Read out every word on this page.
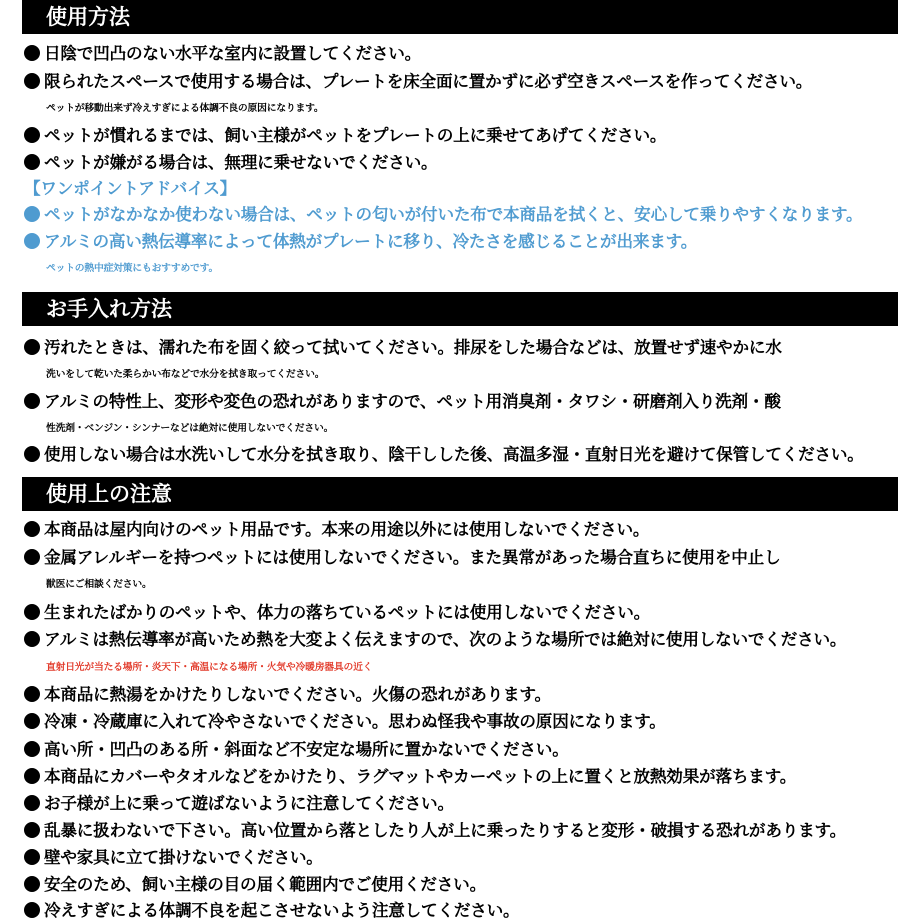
使用方法
日陰で凹凸のない水平な室内に設置してください。
限られたスペースで使用する場合は、プレートを床全面に置かずに必ず空きスペースを作ってください。
ペットが移動出来ず冷えすぎによる体調不良の原因になります。
ペットが慣れるまでは、飼い主様がペットをプレートの上に乗せてあげてください。
ペットが嫌がる場合は、無理に乗せないでください。
【ワンポイントアドバイス】
ペットがなかなか使わない場合は、ペットの匂いが付いた布で本商品を拭くと、安心して乗りやすくなります。
アルミの高い熱伝導率によって体熱がプレートに移り、冷たさを感じることが出来ます。
ペットの熱中症対策にもおすすめです。
お手入れ方法
汚れたときは、濡れた布を固く絞って拭いてください。排尿をした場合などは、放置せず速やかに水
洗いをして乾いた柔らかい布などで水分を拭き取ってください。
アルミの特性上、変形や変色の恐れがありますので、ペット用消臭剤・タワシ・研磨剤入り洗剤・酸
性洗剤・ベンジン・シンナーなどは絶対に使用しないでください。
使用しない場合は水洗いして水分を拭き取り、陰干しした後、高温多湿・直射日光を避けて保管してください。
使用上の注意
本商品は屋内向けのペット用品です。本来の用途以外には使用しないでください。
金属アレルギーを持つペットには使用しないでください。また異常があった場合直ちに使用を中止し
獣医にご相談ください。
生まれたばかりのペットや、体力の落ちているペットには使用しないでください。
アルミは熱伝導率が高いため熱を大変よく伝えますので、次のような場所では絶対に使用しないでください。
直射日光が当たる場所・炎天下・高温になる場所・火気や冷暖房器具の近く
本商品に熱湯をかけたりしないでください。火傷の恐れがあります。
冷凍・冷蔵庫に入れて冷やさないでください。思わぬ怪我や事故の原因になります。
高い所・凹凸のある所・斜面など不安定な場所に置かないでください。
本商品にカバーやタオルなどをかけたり、ラグマットやカーペットの上に置くと放熱効果が落ちます。
お子様が上に乗って遊ばないように注意してください。
乱暴に扱わないで下さい。高い位置から落としたり人が上に乗ったりすると変形・破損する恐れがあります。
壁や家具に立て掛けないでください。
安全のため、飼い主様の目の届く範囲内でご使用ください。
冷えすぎによる体調不良を起こさせないよう注意してください。
